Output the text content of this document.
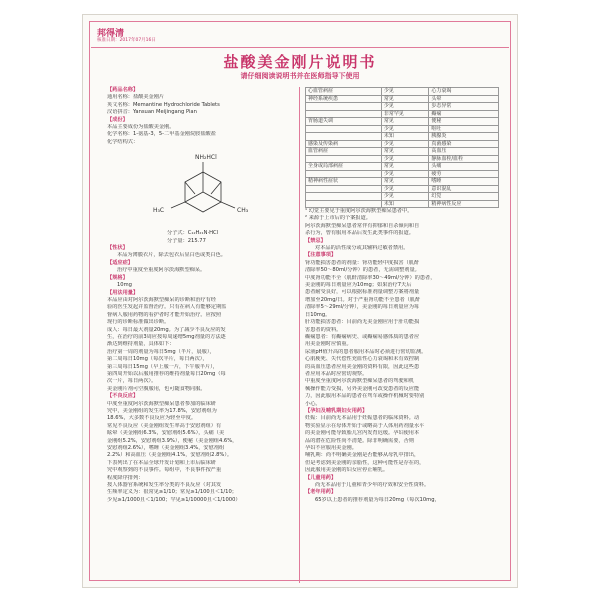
邦得清
核准日期：2017年07月16日
盐酸美金刚片说明书
请仔细阅读说明书并在医师指导下使用
【药品名称】
通用名称：盐酸美金刚片
英文名称：Memantine Hydrochloride Tablets
汉语拼音：Yansuan Meijingang Pian
【成份】
本品主要成份为盐酸美金刚。
化学名称：1-氨基-3，5-二甲基金刚烷胺盐酸盐
化学结构式：
NH₂HCl
H₃C	CH₃
分子式：C₁₂H₂₁N·HCl
分子量：215.77
【性状】
本品为薄膜衣片，除去包衣后显白色或类白色。
【适应症】
治疗中重度至重度阿尔茨海默型痴呆。
【规格】
10mg
【用法用量】
本品应由对阿尔茨海默型痴呆的诊断和治疗有经
验的医生发起并监督治疗。只有在病人有能够定期监
督病人服用药物的看护者时才能开始治疗。应按照
现行的诊断标准做出诊断。
成人：每日最大剂量20mg。为了减少不良反应的发
生，在治疗的前3周应按每周递增5mg剂量的方法逐
渐达到维持剂量，具体如下：
治疗第一周的剂量为每日5mg（半片，晨服），
第二周每日10mg（每次半片，每日两次），
第三周每日15mg（早上服一片，下午服半片），
第四周开始以后服用推荐的维持剂量每日20mg（每
次一片，每日两次）。
美金刚片剂可空腹服用，也可随食物同服。
【不良反应】
中度至重度阿尔茨海默型痴呆患者参加的临床研
究中，美金刚组的发生率为17.8%，安慰剂组为
18.6%，大多数不良反应为轻至中度。
常见不良反应（美金刚组发生率高于安慰剂组）有
眩晕（美金刚组6.3%，安慰剂组5.6%），头痛（美
金刚组5.2%，安慰剂组3.9%），便秘（美金刚组4.6%，
安慰剂组2.6%），嗜睡（美金刚组3.4%，安慰剂组
2.2%）和高血压（美金刚组4.1%，安慰剂组2.8%）。
下表列出了在本品全球开发计划和上市后临床研
究中观察到的不良事件。每组中，不良事件按严重
程度降序排列：
按人体器官系统和发生率分类的不良反应（对其发
生频率定义为：很常见≥1/10；常见≥1/100且＜1/10；
少见≥1/1000且＜1/100；罕见≥1/10000且＜1/1000）
心血管病症	少见	心力衰竭
神经系统疾患	常见	头晕
	少见	步态异常
	非常罕见	癫痫
胃肠道失调	常见	便秘
	少见	呕吐
	未知	胰腺炎
感染及传染病	少见	真菌感染
血管病症	常见	高血压
	少见	静脉血栓/血栓
全身或局部病症	常见	头痛
	少见	疲劳
精神病性症状	常见	嗜睡
	少见	意识混乱
	少见	幻觉
	未知	精神病性反应
¹ 幻觉主要见于重度阿尔茨海默型痴呆患者中。
² 来源于上市后的个案报道。
阿尔茨海默型痴呆患者常伴有抑郁和自杀倾向和自
杀行为，曾有服用本品后发生此类事件的报道。
【禁忌】
对本品的活性成分或其辅料过敏者禁用。
【注意事项】
肾功能损害患者的剂量：肾功能轻中度损害（肌酐
清除率50～80ml/分钟）的患者，无需调整剂量。
中度肾功能不全（肌酐清除率30～49ml/分钟）的患者，
美金刚的每日剂量应为10mg；如果治疗7天后
患者耐受良好，可以根据标准剂量调整方案将剂量
增加至20mg/日。对于严重肾功能不全患者（肌酐
清除率5～29ml/分钟），美金刚的每日剂量应为每
日10mg。
肝功能损害患者：目前尚无美金刚应用于肝功能损
害患者的资料。
癫痫患者：有癫痫病史、或癫痫易感体质的患者应
用美金刚时应慎重。
尿液pH值升高的患者服用本品时必须进行密切监测。
心肌梗死、失代偿性充血性心力衰竭和未有效控制
的高血压患者应用美金刚的资料有限，因此这些患
者应用本品时应密切观察。
中重度至重度阿尔茨海默型痴呆患者的驾驶和机
械操作能力受损，另外美金刚可改变患者的反应能
力，因此服用本品的患者在驾车或操作机械时要特别
小心。
【孕妇及哺乳期妇女用药】
妊娠：目前尚无本品用于妊娠患者的临床资料。动
物实验显示在母体开始于或略高于人体用药剂量水平
的美金刚可能导致胎儿宫内发育迟缓。孕妇使用本
品的潜在危险性尚不清楚。除非明确需要，否则
孕妇不应服用美金刚。
哺乳期：尚不明确美金刚是否能够从母乳中排出，
但是考虑到美金刚的亲脂性，这种可能性是存在的，
因此服用美金刚的妇女应停止哺乳。
【儿童用药】
尚无本品用于儿童和青少年的疗效和安全性资料。
【老年用药】
65岁以上患者的推荐剂量为每日20mg（每次10mg，
